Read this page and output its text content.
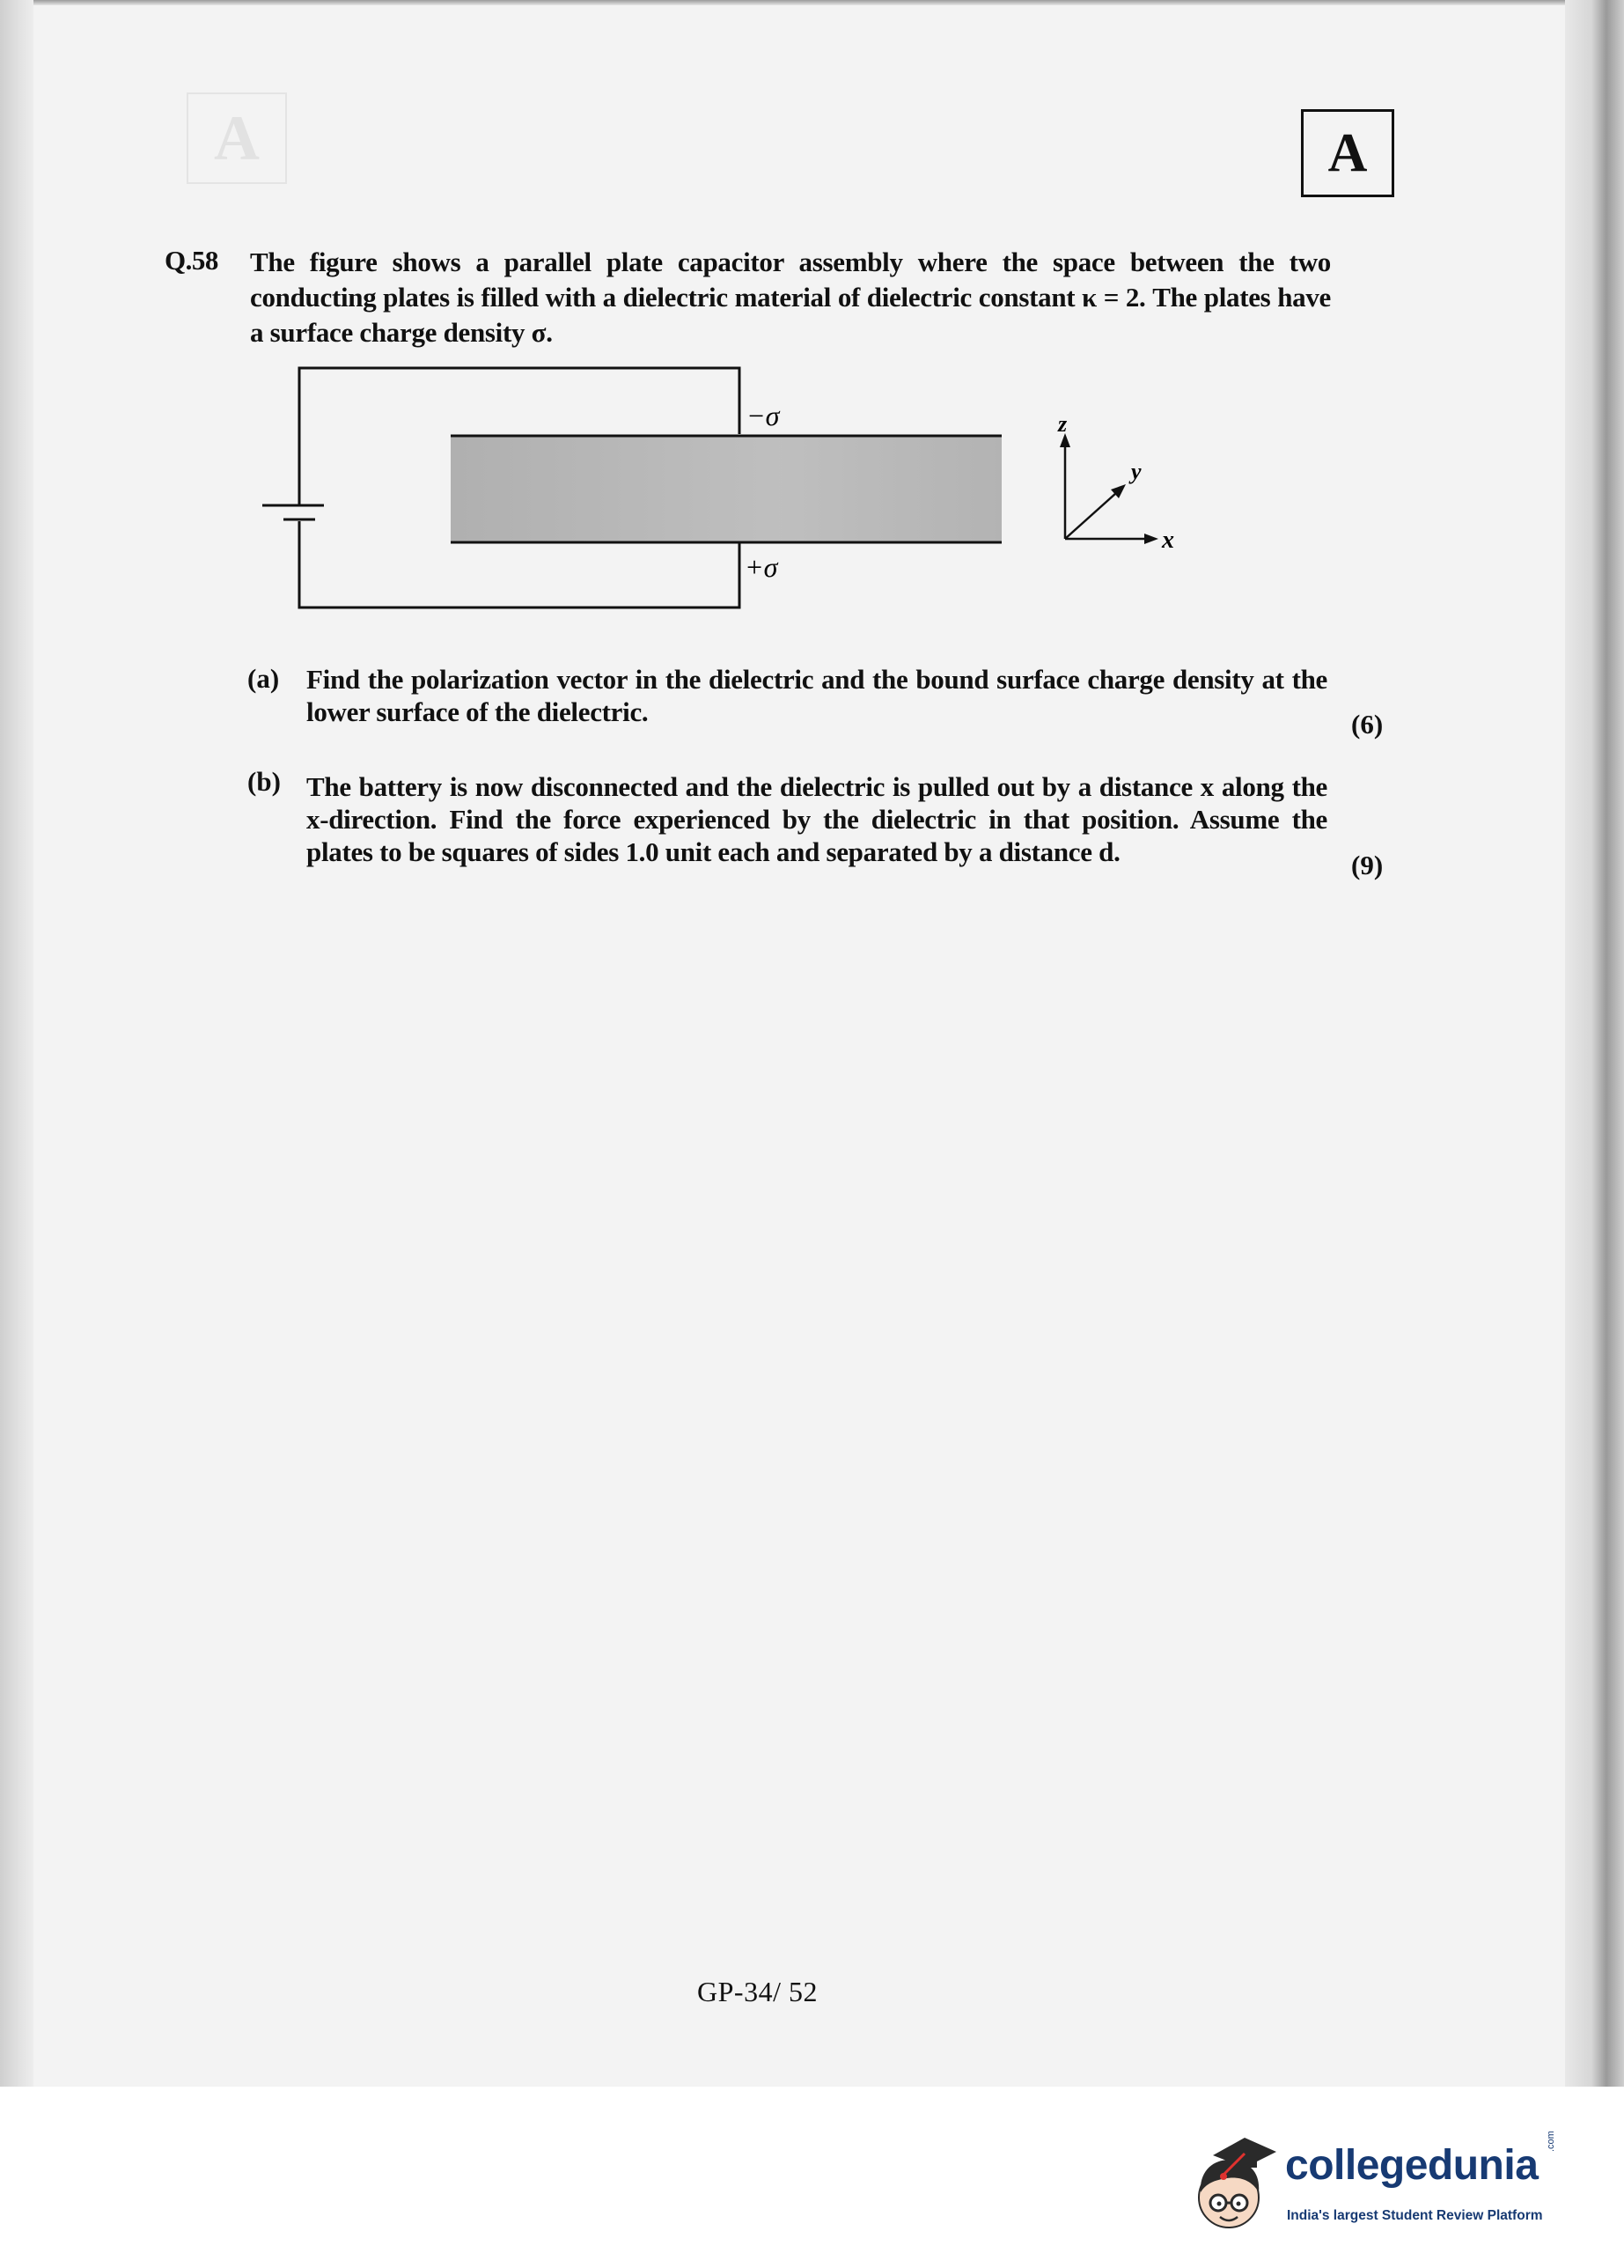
A	A
Q.58 The figure shows a parallel plate capacitor assembly where the space between the two conducting plates is filled with a dielectric material of dielectric constant κ = 2. The plates have a surface charge density σ.
−σ
+σ
z
y
x
(a) Find the polarization vector in the dielectric and the bound surface charge density at the lower surface of the dielectric.	(6)
(b) The battery is now disconnected and the dielectric is pulled out by a distance x along the x-direction. Find the force experienced by the dielectric in that position. Assume the plates to be squares of sides 1.0 unit each and separated by a distance d.	(9)
GP-34/ 52
collegedunia
.com
India's largest Student Review Platform
